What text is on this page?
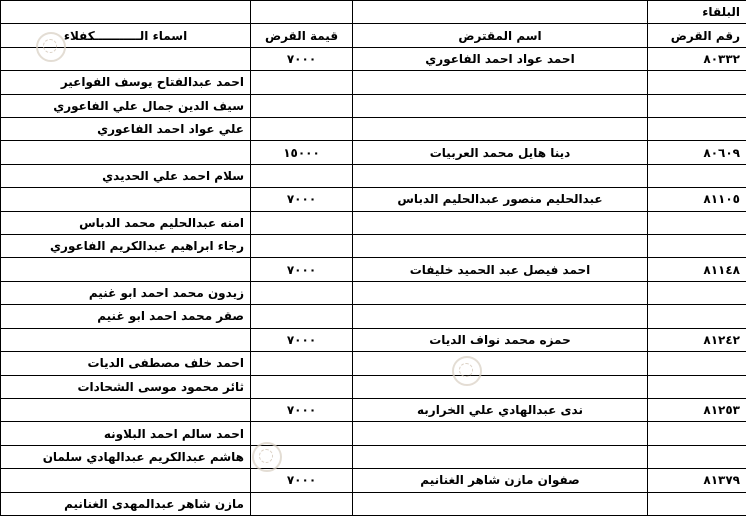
البلقاء			
رقم القرض	اسم المقترض	قيمة القرض	اسماء الـــــــــــكفلاء
٨٠٣٣٢	احمد عواد احمد الفاعوري	٧٠٠٠	
			احمد عبدالفتاح يوسف الفواعير
			سيف الدين جمال علي الفاعوري
			علي عواد احمد الفاعوري
٨٠٦٠٩	دينا هايل محمد العربيات	١٥٠٠٠	
			سلام احمد علي الحديدي
٨١١٠٥	عبدالحليم منصور عبدالحليم الدباس	٧٠٠٠	
			امنه عبدالحليم محمد الدباس
			رجاء ابراهيم عبدالكريم الفاعوري
٨١١٤٨	احمد فيصل عبد الحميد خليفات	٧٠٠٠	
			زيدون محمد احمد ابو غنيم
			صقر محمد احمد ابو غنيم
٨١٢٤٢	حمزه محمد نواف الديات	٧٠٠٠	
			احمد خلف مصطفى الديات
			ثائر محمود موسى الشحادات
٨١٢٥٣	ندى عبدالهادي علي الخراربه	٧٠٠٠	
			احمد سالم احمد البلاونه
			هاشم عبدالكريم عبدالهادي سلمان
٨١٣٧٩	صفوان مازن شاهر الغنانيم	٧٠٠٠	
			مازن شاهر عبدالمهدى الغنانيم
